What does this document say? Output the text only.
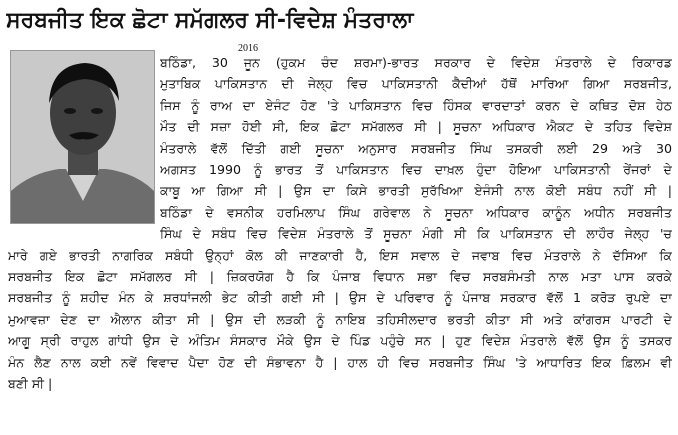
ਸਰਬਜੀਤ ਇਕ ਛੋਟਾ ਸਮੱਗਲਰ ਸੀ-ਵਿਦੇਸ਼ ਮੰਤਰਾਲਾ
2016
ਬਠਿੰਡਾ, 30 ਜੂਨ (ਹੁਕਮ ਚੰਦ ਸ਼ਰਮਾ)-ਭਾਰਤ ਸਰਕਾਰ ਦੇ ਵਿਦੇਸ਼ ਮੰਤਰਾਲੇ ਦੇ ਰਿਕਾਰਡ
ਮੁਤਾਬਿਕ ਪਾਕਿਸਤਾਨ ਦੀ ਜੇਲ੍ਹ ਵਿਚ ਪਾਕਿਸਤਾਨੀ ਕੈਦੀਆਂ ਹੱਥੋਂ ਮਾਰਿਆ ਗਿਆ ਸਰਬਜੀਤ,
ਜਿਸ ਨੂੰ ਰਾਅ ਦਾ ਏਜੰਟ ਹੋਣ 'ਤੇ ਪਾਕਿਸਤਾਨ ਵਿਚ ਹਿੰਸਕ ਵਾਰਦਾਤਾਂ ਕਰਨ ਦੇ ਕਥਿਤ ਦੋਸ਼ ਹੇਠ
ਮੌਤ ਦੀ ਸਜ਼ਾ ਹੋਈ ਸੀ, ਇਕ ਛੋਟਾ ਸਮੱਗਲਰ ਸੀ | ਸੂਚਨਾ ਅਧਿਕਾਰ ਐਕਟ ਦੇ ਤਹਿਤ ਵਿਦੇਸ਼
ਮੰਤਰਾਲੇ ਵੱਲੋਂ ਦਿੱਤੀ ਗਈ ਸੂਚਨਾ ਅਨੁਸਾਰ ਸਰਬਜੀਤ ਸਿੰਘ ਤਸਕਰੀ ਲਈ 29 ਅਤੇ 30
ਅਗਸਤ 1990 ਨੂੰ ਭਾਰਤ ਤੋਂ ਪਾਕਿਸਤਾਨ ਵਿਚ ਦਾਖ਼ਲ ਹੁੰਦਾ ਹੋਇਆ ਪਾਕਿਸਤਾਨੀ ਰੇਂਜਰਾਂ ਦੇ
ਕਾਬੂ ਆ ਗਿਆ ਸੀ | ਉਸ ਦਾ ਕਿਸੇ ਭਾਰਤੀ ਸੁਰੱਖਿਆ ਏਜੰਸੀ ਨਾਲ ਕੋਈ ਸਬੰਧ ਨਹੀਂ ਸੀ |
ਬਠਿੰਡਾ ਦੇ ਵਸਨੀਕ ਹਰਮਿਲਾਪ ਸਿੰਘ ਗਰੇਵਾਲ ਨੇ ਸੂਚਨਾ ਅਧਿਕਾਰ ਕਾਨੂੰਨ ਅਧੀਨ ਸਰਬਜੀਤ
ਸਿੰਘ ਦੇ ਸਬੰਧ ਵਿਚ ਵਿਦੇਸ਼ ਮੰਤਰਾਲੇ ਤੋਂ ਸੂਚਨਾ ਮੰਗੀ ਸੀ ਕਿ ਪਾਕਿਸਤਾਨ ਦੀ ਲਾਹੌਰ ਜੇਲ੍ਹ 'ਚ
ਮਾਰੇ ਗਏ ਭਾਰਤੀ ਨਾਗਰਿਕ ਸਬੰਧੀ ਉਨ੍ਹਾਂ ਕੋਲ ਕੀ ਜਾਣਕਾਰੀ ਹੈ, ਇਸ ਸਵਾਲ ਦੇ ਜਵਾਬ ਵਿਚ ਮੰਤਰਾਲੇ ਨੇ ਦੱਸਿਆ ਕਿ
ਸਰਬਜੀਤ ਇਕ ਛੋਟਾ ਸਮੱਗਲਰ ਸੀ | ਜ਼ਿਕਰਯੋਗ ਹੈ ਕਿ ਪੰਜਾਬ ਵਿਧਾਨ ਸਭਾ ਵਿਚ ਸਰਬਸੰਮਤੀ ਨਾਲ ਮਤਾ ਪਾਸ ਕਰਕੇ
ਸਰਬਜੀਤ ਨੂੰ ਸ਼ਹੀਦ ਮੰਨ ਕੇ ਸ਼ਰਧਾਂਜਲੀ ਭੇਟ ਕੀਤੀ ਗਈ ਸੀ | ਉਸ ਦੇ ਪਰਿਵਾਰ ਨੂੰ ਪੰਜਾਬ ਸਰਕਾਰ ਵੱਲੋਂ 1 ਕਰੋੜ ਰੁਪਏ ਦਾ
ਮੁਆਵਜ਼ਾ ਦੇਣ ਦਾ ਐਲਾਨ ਕੀਤਾ ਸੀ | ਉਸ ਦੀ ਲੜਕੀ ਨੂੰ ਨਾਇਬ ਤਹਿਸੀਲਦਾਰ ਭਰਤੀ ਕੀਤਾ ਸੀ ਅਤੇ ਕਾਂਗਰਸ ਪਾਰਟੀ ਦੇ
ਆਗੂ ਸ੍ਰੀ ਰਾਹੁਲ ਗਾਂਧੀ ਉਸ ਦੇ ਅੰਤਿਮ ਸੰਸਕਾਰ ਮੌਕੇ ਉਸ ਦੇ ਪਿੰਡ ਪਹੁੰਚੇ ਸਨ | ਹੁਣ ਵਿਦੇਸ਼ ਮੰਤਰਾਲੇ ਵੱਲੋਂ ਉਸ ਨੂੰ ਤਸਕਰ
ਮੰਨ ਲੈਣ ਨਾਲ ਕਈ ਨਵੇਂ ਵਿਵਾਦ ਪੈਦਾ ਹੋਣ ਦੀ ਸੰਭਾਵਨਾ ਹੈ | ਹਾਲ ਹੀ ਵਿਚ ਸਰਬਜੀਤ ਸਿੰਘ 'ਤੇ ਆਧਾਰਿਤ ਇਕ ਫ਼ਿਲਮ ਵੀ
ਬਣੀ ਸੀ |
